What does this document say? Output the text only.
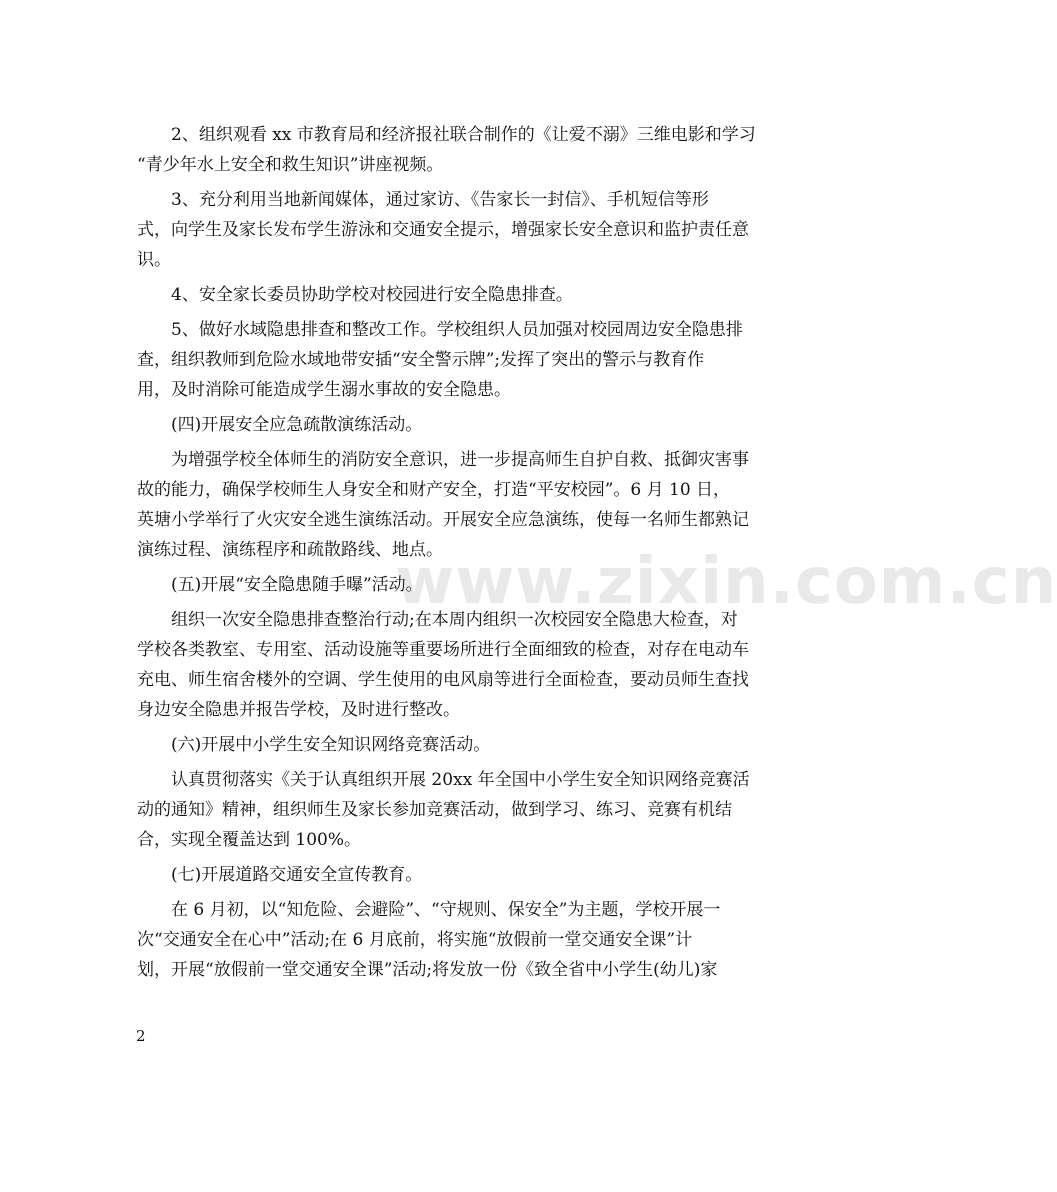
2、组织观看 xx 市教育局和经济报社联合制作的《让爱不溺》三维电影和学习
“青少年水上安全和救生知识”讲座视频。
3、充分利用当地新闻媒体，通过家访、《告家长一封信》、手机短信等形
式，向学生及家长发布学生游泳和交通安全提示，增强家长安全意识和监护责任意
识。
4、安全家长委员协助学校对校园进行安全隐患排查。
5、做好水域隐患排查和整改工作。学校组织人员加强对校园周边安全隐患排
查，组织教师到危险水域地带安插“安全警示牌”;发挥了突出的警示与教育作
用，及时消除可能造成学生溺水事故的安全隐患。
(四)开展安全应急疏散演练活动。
为增强学校全体师生的消防安全意识，进一步提高师生自护自救、抵御灾害事
故的能力，确保学校师生人身安全和财产安全，打造“平安校园”。6 月 10 日，
英塘小学举行了火灾安全逃生演练活动。开展安全应急演练，使每一名师生都熟记
演练过程、演练程序和疏散路线、地点。
(五)开展“安全隐患随手曝”活动。
组织一次安全隐患排查整治行动;在本周内组织一次校园安全隐患大检查，对
学校各类教室、专用室、活动设施等重要场所进行全面细致的检查，对存在电动车
充电、师生宿舍楼外的空调、学生使用的电风扇等进行全面检查，要动员师生查找
身边安全隐患并报告学校，及时进行整改。
(六)开展中小学生安全知识网络竞赛活动。
认真贯彻落实《关于认真组织开展 20xx 年全国中小学生安全知识网络竞赛活
动的通知》精神，组织师生及家长参加竞赛活动，做到学习、练习、竞赛有机结
合，实现全覆盖达到 100%。
(七)开展道路交通安全宣传教育。
在 6 月初，以“知危险、会避险”、“守规则、保安全”为主题，学校开展一
次“交通安全在心中”活动;在 6 月底前，将实施“放假前一堂交通安全课”计
划，开展“放假前一堂交通安全课”活动;将发放一份《致全省中小学生(幼儿)家
www.zixin.com.cn
2
